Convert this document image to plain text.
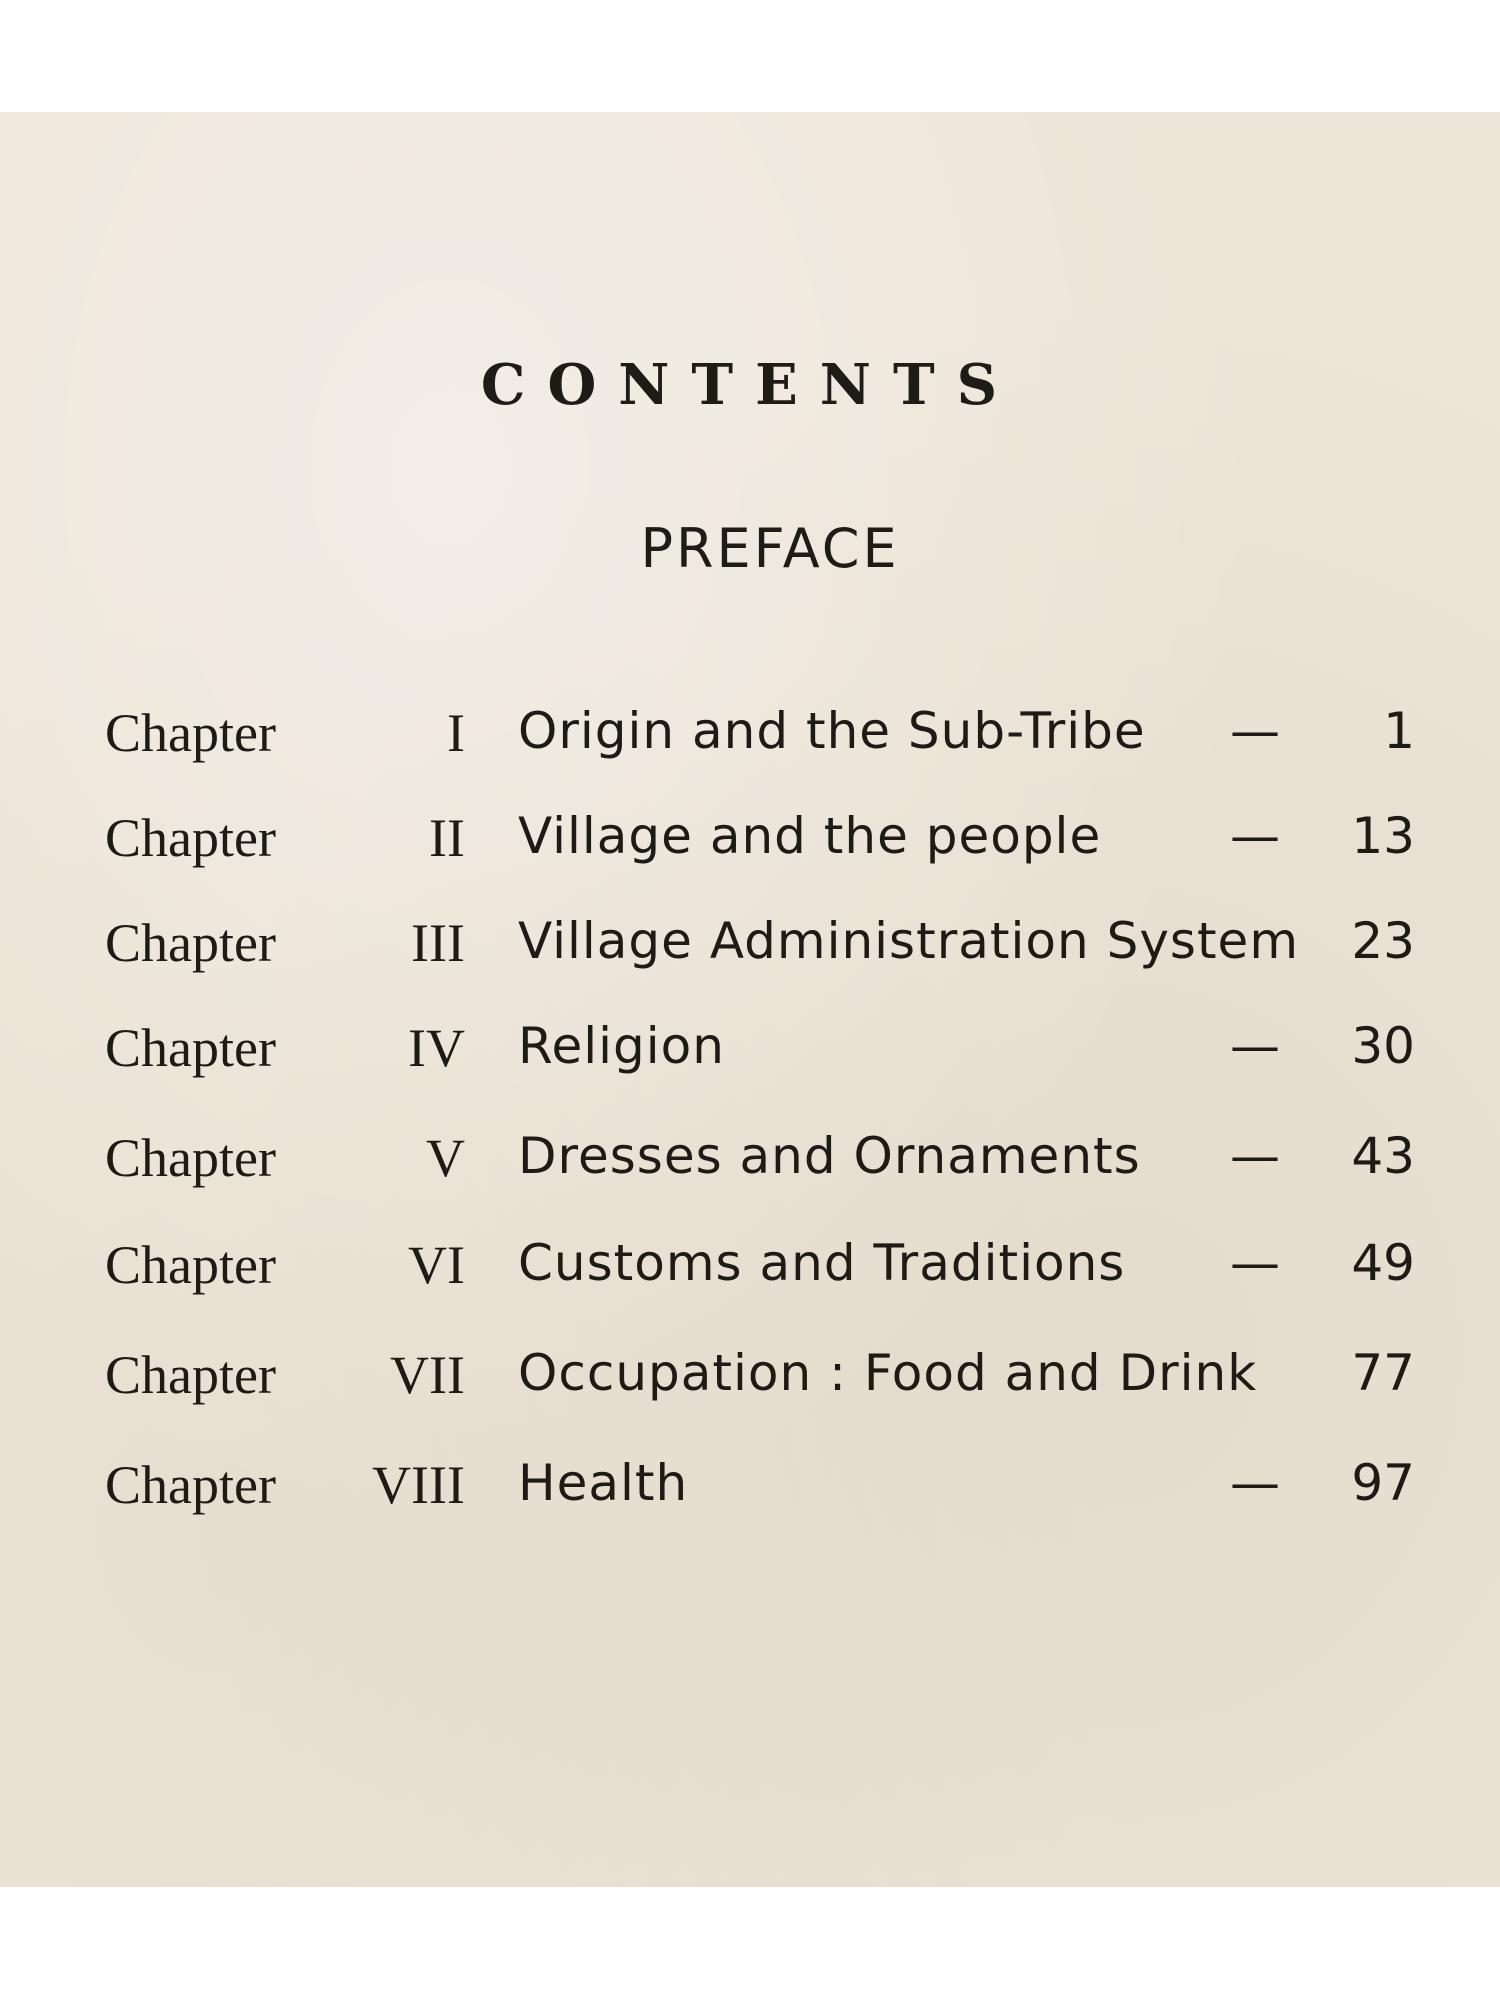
CONTENTS
PREFACE
Chapter	I Origin and the Sub-Tribe	—	1
Chapter	II Village and the people	—	13
Chapter	III Village Administration System	23
Chapter	IV Religion	—	30
Chapter	V Dresses and Ornaments	—	43
Chapter	VI Customs and Traditions	—	49
Chapter	VII Occupation : Food and Drink	77
Chapter	VIII Health	—	97
